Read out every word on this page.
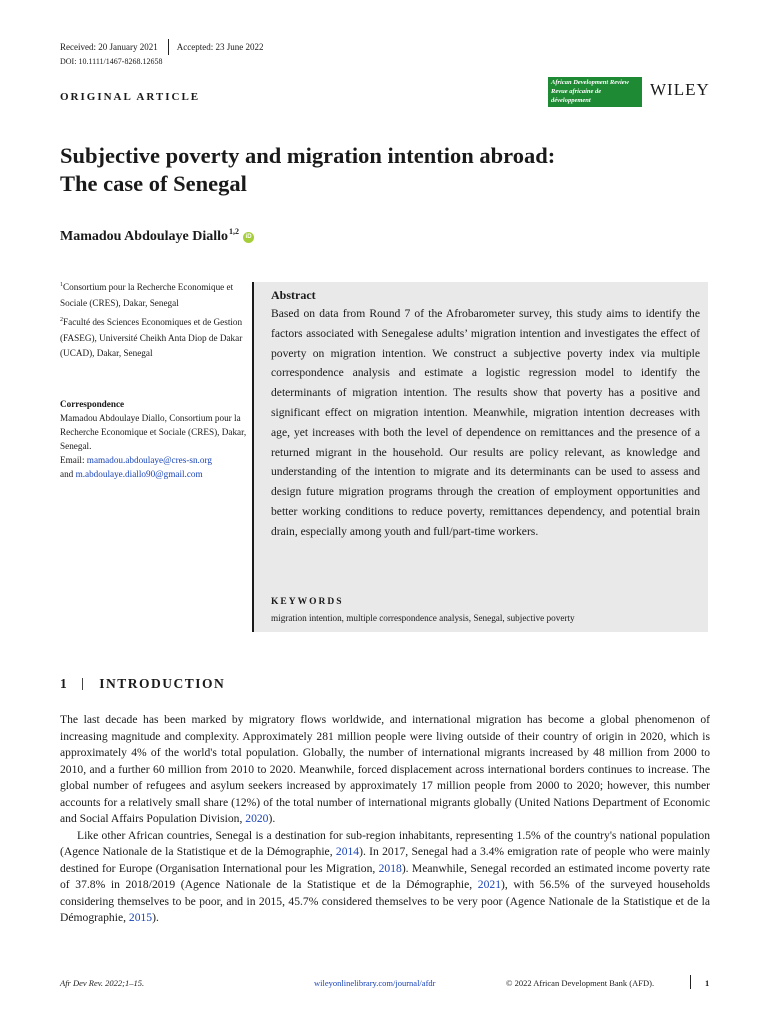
Received: 20 January 2021 Accepted: 23 June 2022
DOI: 10.1111/1467-8268.12658
ORIGINAL ARTICLE
African Development Review
Revue africaine de développement
————
WILEY
Subjective poverty and migration intention abroad:
The case of Senegal
Mamadou Abdoulaye Diallo$^{1,2}$
iD

$^1$Consortium pour la Recherche Economique et Sociale (CRES), Dakar, Senegal

$^2$Faculté des Sciences Economiques et de Gestion (FASEG), Université Cheikh Anta Diop de Dakar (UCAD), Dakar, Senegal

Correspondence
Mamadou Abdoulaye Diallo, Consortium pour la Recherche Economique et Sociale (CRES), Dakar, Senegal.
Email: mamadou.abdoulaye@cres-sn.org
and m.abdoulaye.diallo90@gmail.com
Abstract
Based on data from Round 7 of the Afrobarometer survey, this study aims to identify the factors associated with Senegalese adults’ migration intention and investigates the effect of poverty on migration intention. We construct a subjective poverty index via multiple correspondence analysis and estimate a logistic regression model to identify the determinants of migration intention. The results show that poverty has a positive and significant effect on migration intention. Meanwhile, migration intention decreases with age, yet increases with both the level of dependence on remittances and the presence of a returned migrant in the household. Our results are policy relevant, as knowledge and understanding of the intention to migrate and its determinants can be used to assess and design future migration programs through the creation of employment opportunities and better working conditions to reduce poverty, remittances dependency, and potential brain drain, especially among youth and full/part-time workers.
KEYWORDS
migration intention, multiple correspondence analysis, Senegal, subjective poverty
1 INTRODUCTION

The last decade has been marked by migratory flows worldwide, and international migration has become a global phenomenon of increasing magnitude and complexity. Approximately 281 million people were living outside of their country of origin in 2020, which is approximately 4% of the world's total population. Globally, the number of international migrants increased by 48 million from 2000 to 2010, and a further 60 million from 2010 to 2020. Meanwhile, forced displacement across international borders continues to increase. The global number of refugees and asylum seekers increased by approximately 17 million people from 2000 to 2020; however, this number accounts for a relatively small share (12%) of the total number of international migrants globally (United Nations Department of Economic and Social Affairs Population Division, 2020).

Like other African countries, Senegal is a destination for sub-region inhabitants, representing 1.5% of the country's national population (Agence Nationale de la Statistique et de la Démographie, 2014). In 2017, Senegal had a 3.4% emigration rate of people who were mainly destined for Europe (Organisation International pour les Migration, 2018). Meanwhile, Senegal recorded an estimated income poverty rate of 37.8% in 2018/2019 (Agence Nationale de la Statistique et de la Démographie, 2021), with 56.5% of the surveyed households considering themselves to be poor, and in 2015, 45.7% considered themselves to be very poor (Agence Nationale de la Statistique et de la Démographie, 2015).

Afr Dev Rev. 2022;1–15.	wileyonlinelibrary.com/journal/afdr	© 2022 African Development Bank (AFD).	1
